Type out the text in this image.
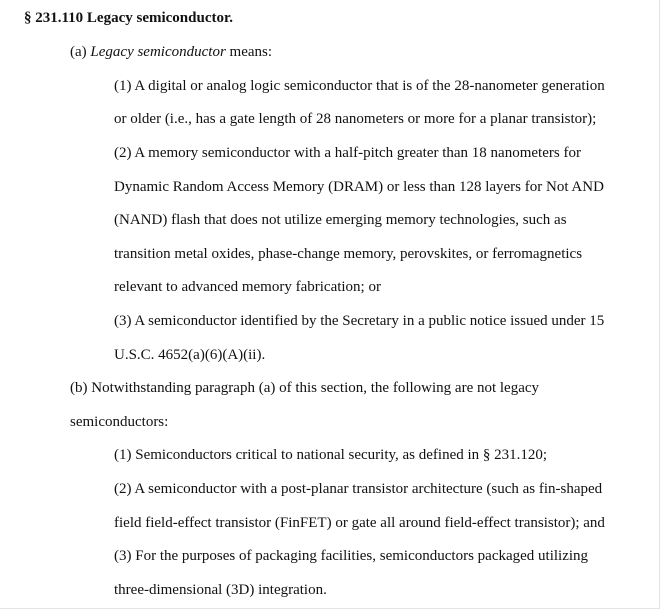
§ 231.110 Legacy semiconductor.
(a) Legacy semiconductor means:
(1) A digital or analog logic semiconductor that is of the 28-nanometer generation
or older (i.e., has a gate length of 28 nanometers or more for a planar transistor);
(2) A memory semiconductor with a half-pitch greater than 18 nanometers for
Dynamic Random Access Memory (DRAM) or less than 128 layers for Not AND
(NAND) flash that does not utilize emerging memory technologies, such as
transition metal oxides, phase-change memory, perovskites, or ferromagnetics
relevant to advanced memory fabrication; or
(3) A semiconductor identified by the Secretary in a public notice issued under 15
U.S.C. 4652(a)(6)(A)(ii).
(b) Notwithstanding paragraph (a) of this section, the following are not legacy
semiconductors:
(1) Semiconductors critical to national security, as defined in § 231.120;
(2) A semiconductor with a post-planar transistor architecture (such as fin-shaped
field field-effect transistor (FinFET) or gate all around field-effect transistor); and
(3) For the purposes of packaging facilities, semiconductors packaged utilizing
three-dimensional (3D) integration.
